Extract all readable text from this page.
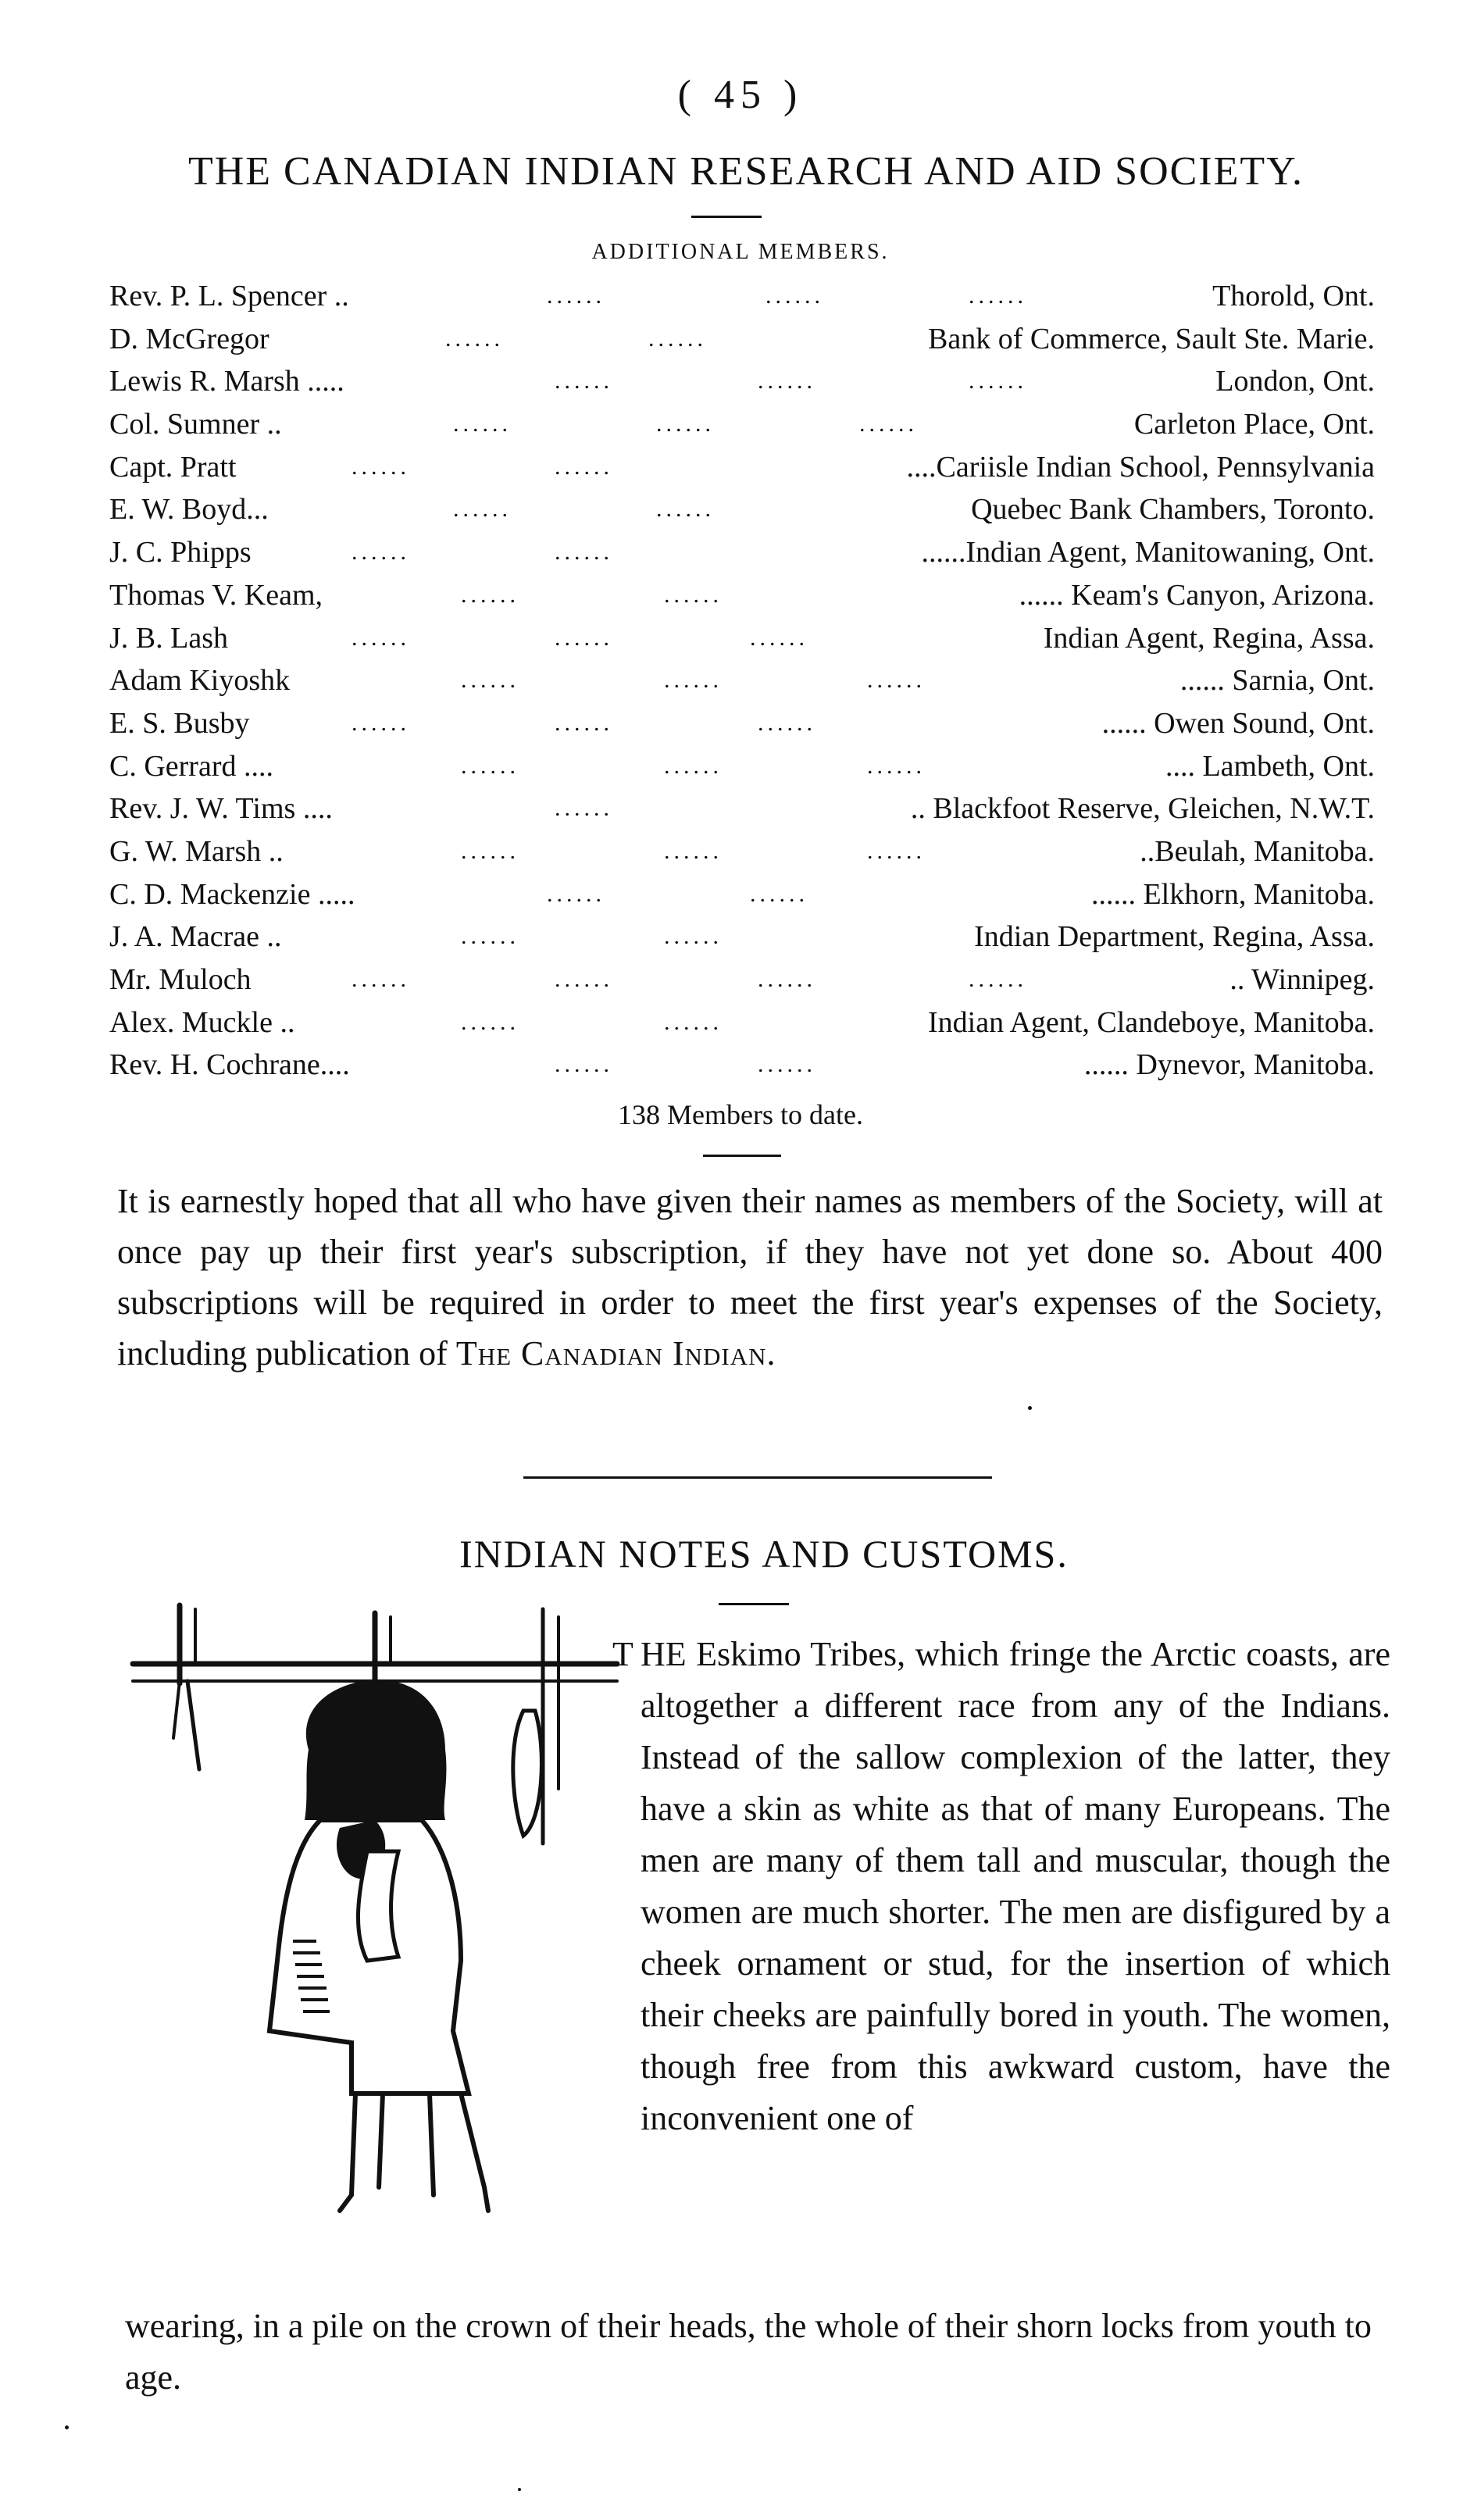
( 45 )
THE CANADIAN INDIAN RESEARCH AND AID SOCIETY.
ADDITIONAL MEMBERS.
Rev. P. L. Spencer ..	......	......	......	Thorold, Ont.
D. McGregor	......	......	Bank of Commerce, Sault Ste. Marie.
Lewis R. Marsh .....	......	......	......	London, Ont.
Col. Sumner ..	......	......	......	Carleton Place, Ont.
Capt. Pratt	......	......	....Cariisle Indian School, Pennsylvania
E. W. Boyd...	......	......	Quebec Bank Chambers, Toronto.
J. C. Phipps	......	......	......Indian Agent, Manitowaning, Ont.
Thomas V. Keam,	......	......	...... Keam's Canyon, Arizona.
J. B. Lash	......	......	......	Indian Agent, Regina, Assa.
Adam Kiyoshk	......	......	......	...... Sarnia, Ont.
E. S. Busby	......	......	......	...... Owen Sound, Ont.
C. Gerrard ....	......	......	......	.... Lambeth, Ont.
Rev. J. W. Tims ....	......	.. Blackfoot Reserve, Gleichen, N.W.T.
G. W. Marsh ..	......	......	......	..Beulah, Manitoba.
C. D. Mackenzie .....	......	......	...... Elkhorn, Manitoba.
J. A. Macrae ..	......	......	Indian Department, Regina, Assa.
Mr. Muloch	......	......	......	......	.. Winnipeg.
Alex. Muckle ..	......	......	Indian Agent, Clandeboye, Manitoba.
Rev. H. Cochrane....	......	......	...... Dynevor, Manitoba.
138 Members to date.
It is earnestly hoped that all who have given their names as members of the Society, will at once pay up their first year's subscription, if they have not yet done so. About 400 subscriptions will be required in order to meet the first year's expenses of the Society, including publication of The Canadian Indian.
INDIAN NOTES AND CUSTOMS.
T HE Eskimo Tribes, which fringe the Arctic coasts, are altogether a different race from any of the Indians. Instead of the sallow complexion of the latter, they have a skin as white as that of many Europeans. The men are many of them tall and muscular, though the women are much shorter. The men are disfigured by a cheek ornament or stud, for the insertion of which their cheeks are painfully bored in youth. The women, though free from this awkward custom, have the inconvenient one of
wearing, in a pile on the crown of their heads, the whole of their shorn locks from youth to age.
